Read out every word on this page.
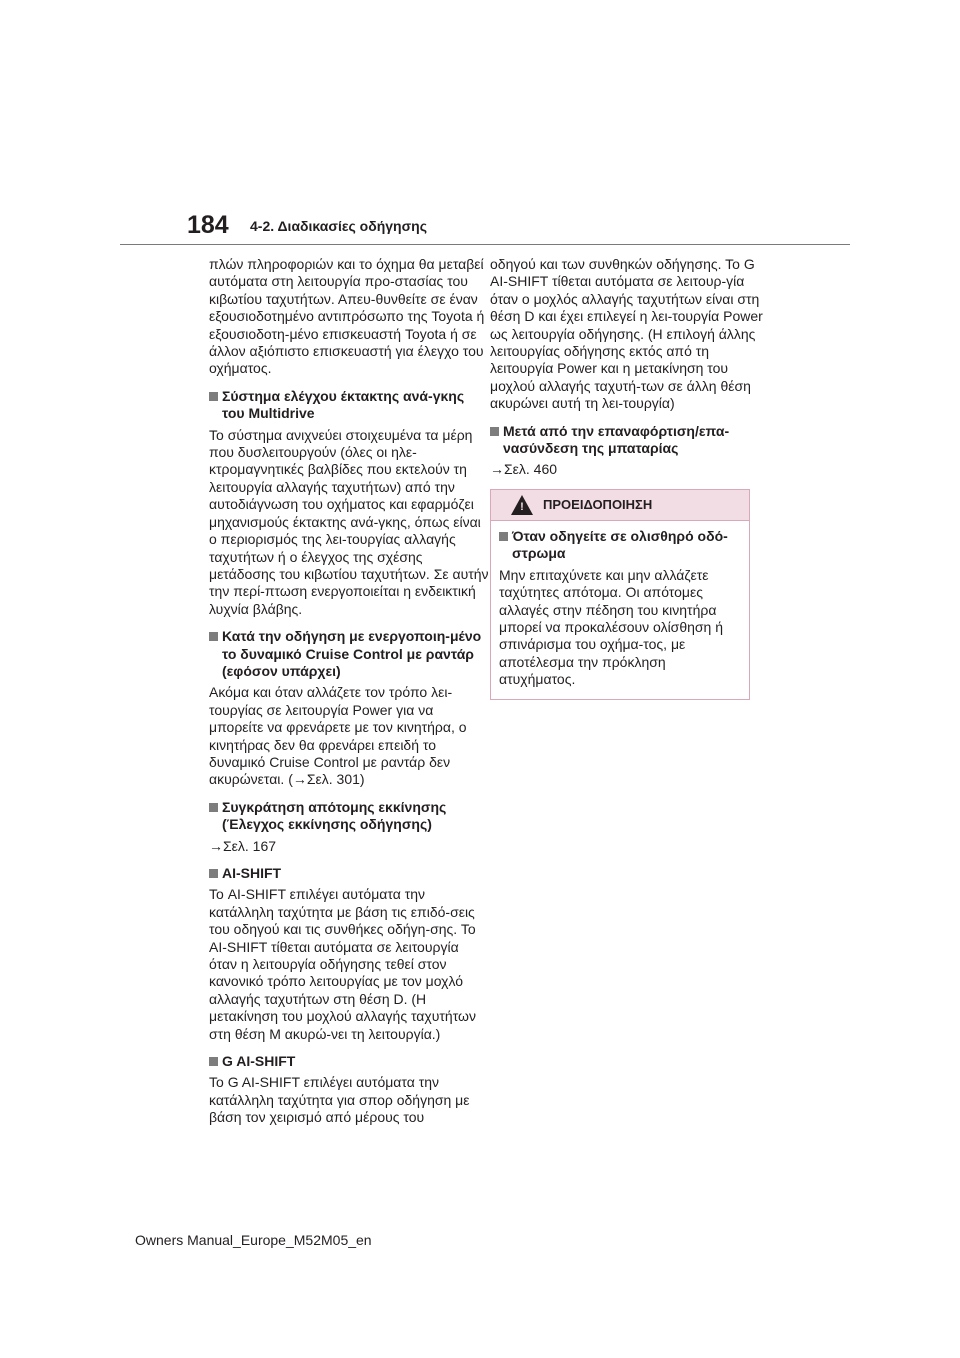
184 4-2. Διαδικασίες οδήγησης

πλών πληροφοριών και το όχημα θα μεταβεί αυτόματα στη λειτουργία προ-στασίας του κιβωτίου ταχυτήτων. Απευ-θυνθείτε σε έναν εξουσιοδοτημένο αντιπρόσωπο της Toyota ή εξουσιοδοτη-μένο επισκευαστή Toyota ή σε άλλον αξιόπιστο επισκευαστή για έλεγχο του οχήματος.

Σύστημα ελέγχου έκτακτης ανά-γκης του Multidrive

Το σύστημα ανιχνεύει στοιχευμένα τα μέρη που δυσλειτουργούν (όλες οι ηλε-κτρομαγνητικές βαλβίδες που εκτελούν τη λειτουργία αλλαγής ταχυτήτων) από την αυτοδιάγνωση του οχήματος και εφαρμόζει μηχανισμούς έκτακτης ανά-γκης, όπως είναι ο περιορισμός της λει-τουργίας αλλαγής ταχυτήτων ή ο έλεγχος της σχέσης μετάδοσης του κιβωτίου ταχυτήτων. Σε αυτήν την περί-πτωση ενεργοποιείται η ενδεικτική λυχνία βλάβης.

Κατά την οδήγηση με ενεργοποιη-μένο το δυναμικό Cruise Control με ραντάρ (εφόσον υπάρχει)

Ακόμα και όταν αλλάζετε τον τρόπο λει-τουργίας σε λειτουργία Power για να μπορείτε να φρενάρετε με τον κινητήρα, ο κινητήρας δεν θα φρενάρει επειδή το δυναμικό Cruise Control με ραντάρ δεν ακυρώνεται. (→Σελ. 301)

Συγκράτηση απότομης εκκίνησης (Έλεγχος εκκίνησης οδήγησης)

→Σελ. 167

AI-SHIFT

Το AI-SHIFT επιλέγει αυτόματα την κατάλληλη ταχύτητα με βάση τις επιδό-σεις του οδηγού και τις συνθήκες οδήγη-σης. Το AI-SHIFT τίθεται αυτόματα σε λειτουργία όταν η λειτουργία οδήγησης τεθεί στον κανονικό τρόπο λειτουργίας με τον μοχλό αλλαγής ταχυτήτων στη θέση D. (Η μετακίνηση του μοχλού αλλαγής ταχυτήτων στη θέση M ακυρώ-νει τη λειτουργία.)

G AI-SHIFT

Το G AI-SHIFT επιλέγει αυτόματα την κατάλληλη ταχύτητα για σπορ οδήγηση με βάση τον χειρισμό από μέρους του

οδηγού και των συνθηκών οδήγησης. Το G AI-SHIFT τίθεται αυτόματα σε λειτουρ-γία όταν ο μοχλός αλλαγής ταχυτήτων είναι στη θέση D και έχει επιλεγεί η λει-τουργία Power ως λειτουργία οδήγησης. (Η επιλογή άλλης λειτουργίας οδήγησης εκτός από τη λειτουργία Power και η μετακίνηση του μοχλού αλλαγής ταχυτή-των σε άλλη θέση ακυρώνει αυτή τη λει-τουργία)

Μετά από την επαναφόρτιση/επα-νασύνδεση της μπαταρίας

→Σελ. 460

! ΠΡΟΕΙΔΟΠΟΙΗΣΗ
Όταν οδηγείτε σε ολισθηρό οδό-στρωμα

Μην επιταχύνετε και μην αλλάζετε ταχύτητες απότομα. Οι απότομες αλλαγές στην πέδηση του κινητήρα μπορεί να προκαλέσουν ολίσθηση ή σπινάρισμα του οχήμα-τος, με αποτέλεσμα την πρόκληση ατυχήματος.

Owners Manual_Europe_M52M05_en
